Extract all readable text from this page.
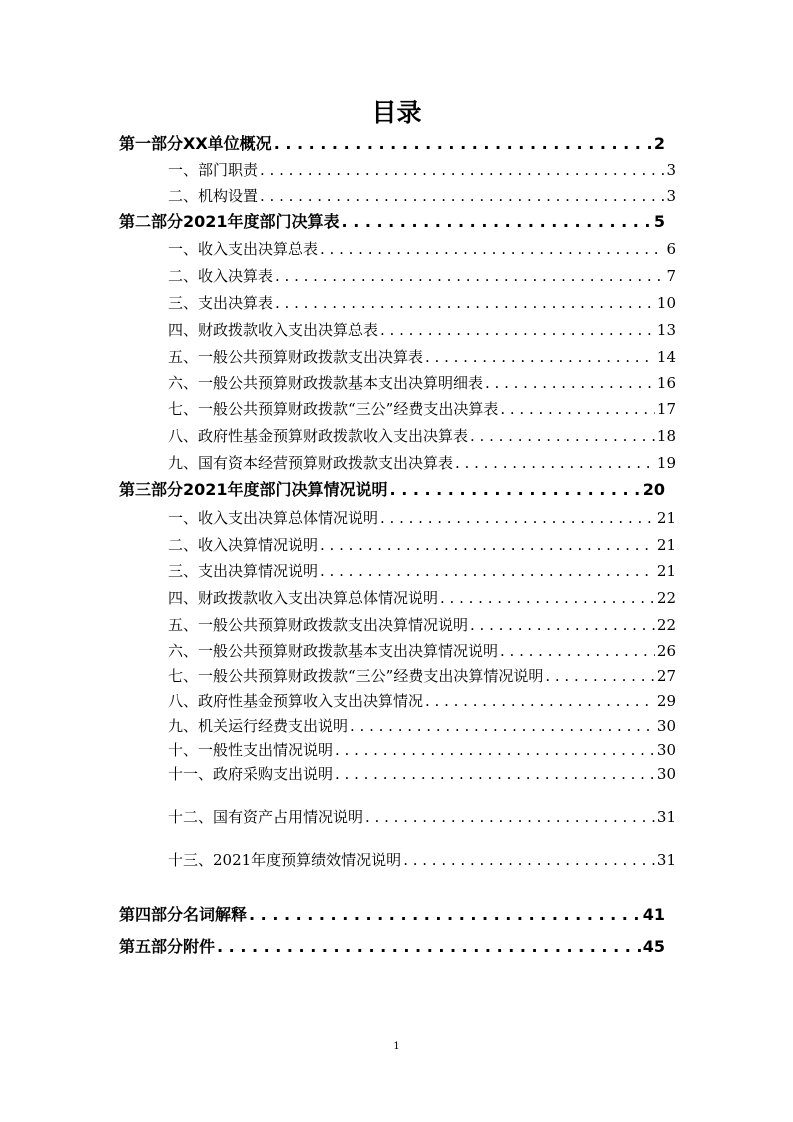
目录
第一部分XX单位概况 . . .	2
一、部门职责 . . .	3
二、机构设置 . . .	3
第二部分2021年度部门决算表 . . .	5
一、收入支出决算总表 . . .	6
二、收入决算表 . . .	7
三、支出决算表 . . .	10
四、财政拨款收入支出决算总表 . . .	13
五、一般公共预算财政拨款支出决算表 . . .	14
六、一般公共预算财政拨款基本支出决算明细表 . . .	16
七、一般公共预算财政拨款“三公”经费支出决算表 . . .	17
八、政府性基金预算财政拨款收入支出决算表 . . .	18
九、国有资本经营预算财政拨款支出决算表 . . .	19
第三部分2021年度部门决算情况说明 . . .	20
一、收入支出决算总体情况说明 . . .	21
二、收入决算情况说明 . . .	21
三、支出决算情况说明 . . .	21
四、财政拨款收入支出决算总体情况说明 . . .	22
五、一般公共预算财政拨款支出决算情况说明 . . .	22
六、一般公共预算财政拨款基本支出决算情况说明 . . .	26
七、一般公共预算财政拨款“三公”经费支出决算情况说明 . . .	27
八、政府性基金预算收入支出决算情况 . . .	29
九、机关运行经费支出说明 . . .	30
十、一般性支出情况说明 . . .	30
十一、政府采购支出说明 . . .	30
十二、国有资产占用情况说明 . . .	31
十三、2021年度预算绩效情况说明 . . .	31
第四部分名词解释 . . .	41
第五部分附件 . . .	45
1
